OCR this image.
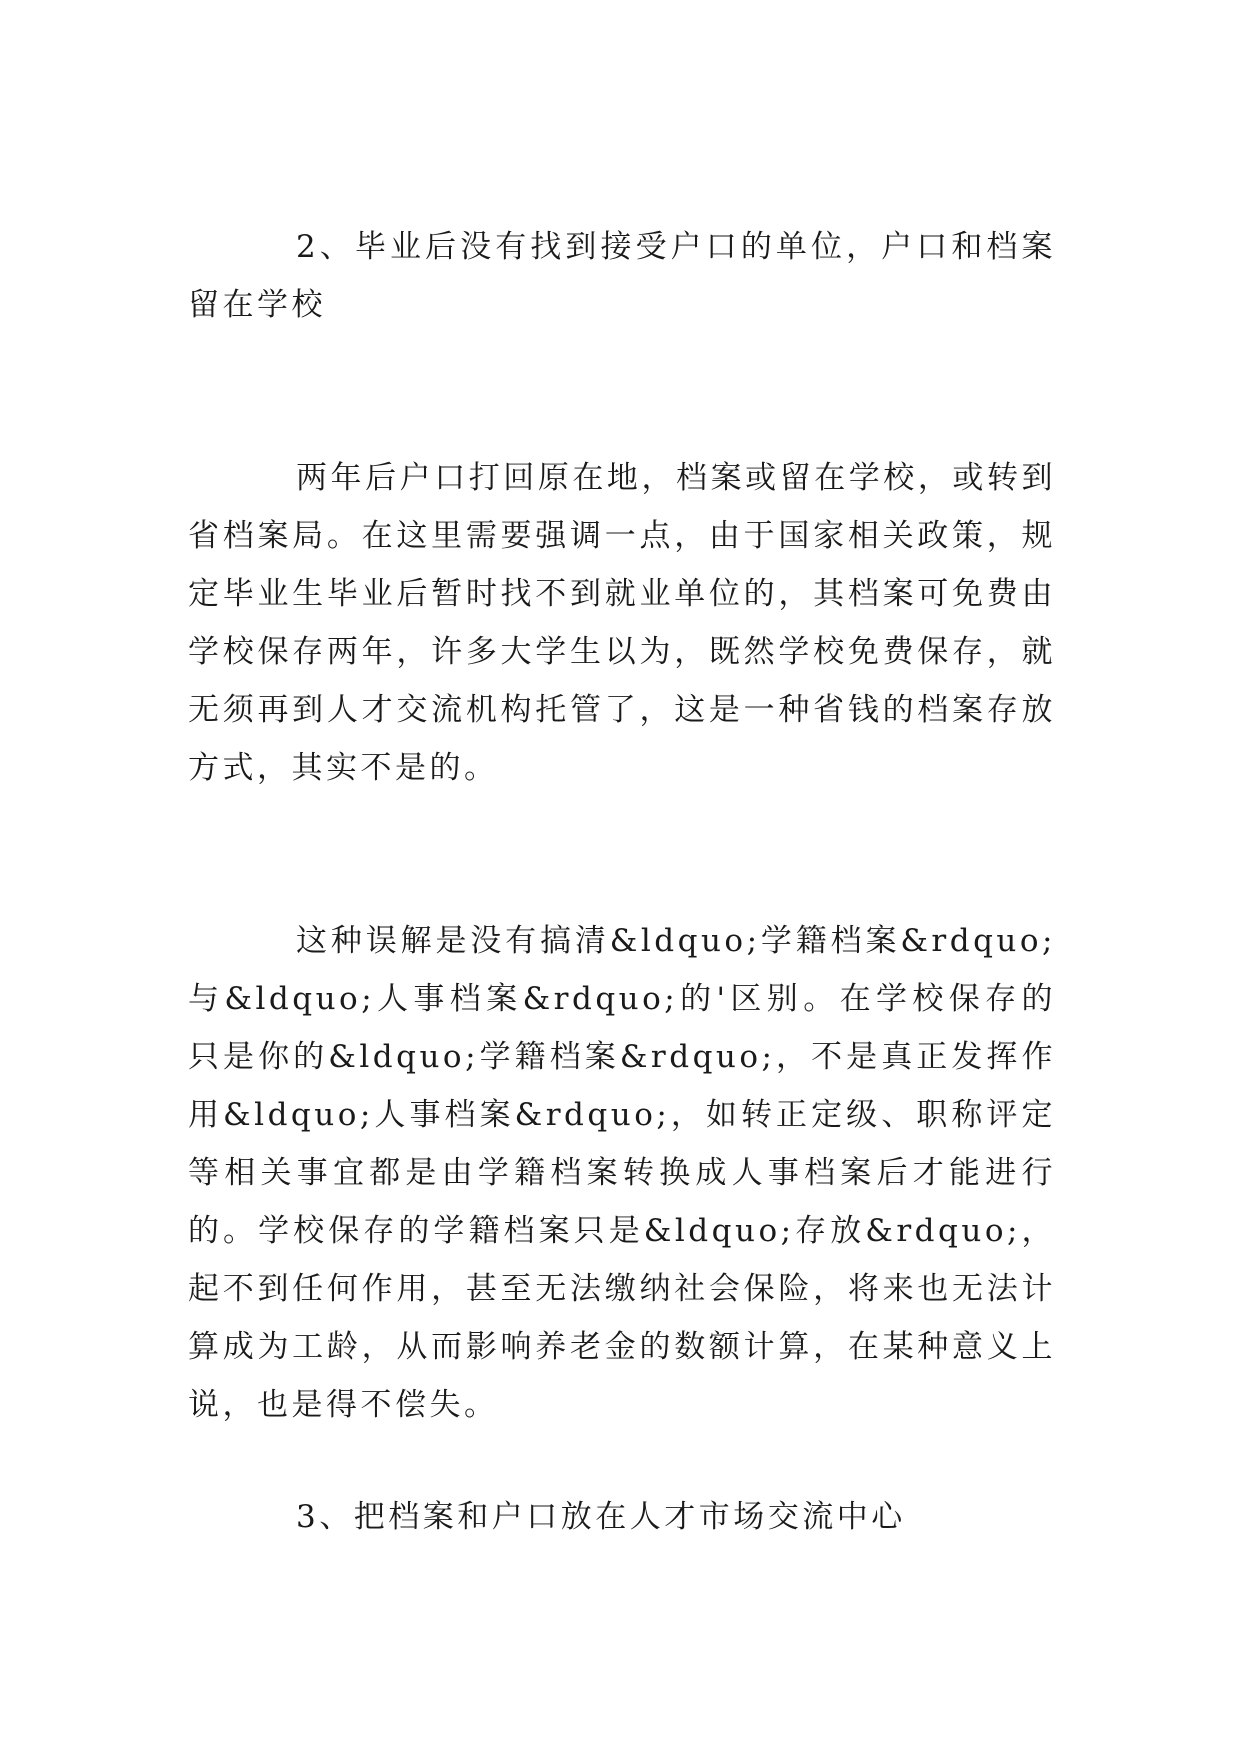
2、毕业后没有找到接受户口的单位，户口和档案留在学校

两年后户口打回原在地，档案或留在学校，或转到省档案局。在这里需要强调一点，由于国家相关政策，规定毕业生毕业后暂时找不到就业单位的，其档案可免费由学校保存两年，许多大学生以为，既然学校免费保存，就无须再到人才交流机构托管了，这是一种省钱的档案存放方式，其实不是的。

这种误解是没有搞清&ldquo;学籍档案&rdquo;与&ldquo;人事档案&rdquo;的'区别。在学校保存的只是你的&ldquo;学籍档案&rdquo;，不是真正发挥作用&ldquo;人事档案&rdquo;，如转正定级、职称评定等相关事宜都是由学籍档案转换成人事档案后才能进行的。学校保存的学籍档案只是&ldquo;存放&rdquo;，起不到任何作用，甚至无法缴纳社会保险，将来也无法计算成为工龄，从而影响养老金的数额计算，在某种意义上说，也是得不偿失。

3、把档案和户口放在人才市场交流中心
